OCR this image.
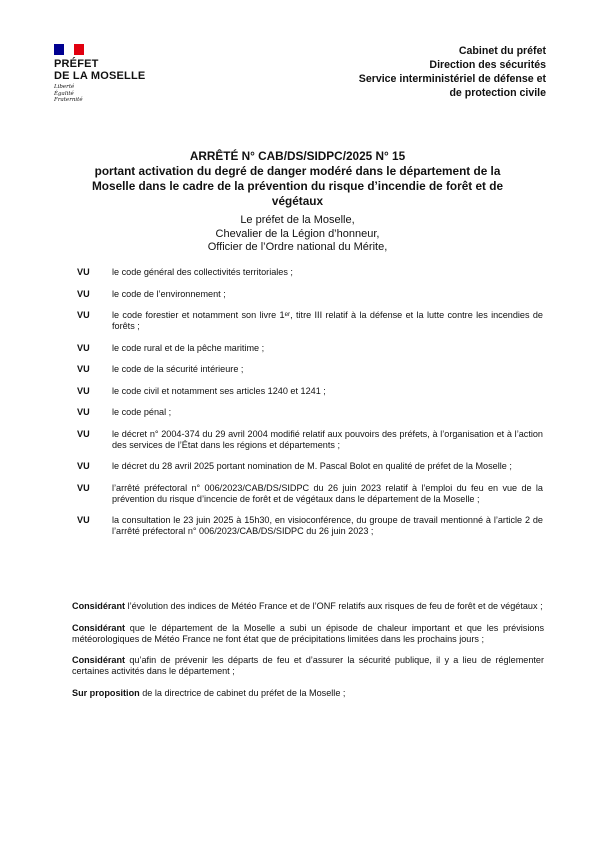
PRÉFET
DE LA MOSELLE
Liberté
Égalité
Fraternité
Cabinet du préfet
Direction des sécurités
Service interministériel de défense et
de protection civile
ARRÊTÉ N° CAB/DS/SIDPC/2025 N° 15
portant activation du degré de danger modéré dans le département de la
Moselle dans le cadre de la prévention du risque d’incendie de forêt et de
végétaux
Le préfet de la Moselle,
Chevalier de la Légion d’honneur,
Officier de l’Ordre national du Mérite,
VU	le code général des collectivités territoriales ;
VU	le code de l’environnement ;
VU	le code forestier et notamment son livre 1ᵉʳ, titre III relatif à la défense et la lutte contre les incendies de forêts ;
VU	le code rural et de la pêche maritime ;
VU	le code de la sécurité intérieure ;
VU	le code civil et notamment ses articles 1240 et 1241 ;
VU	le code pénal ;
VU	le décret n° 2004-374 du 29 avril 2004 modifié relatif aux pouvoirs des préfets, à l’organisation et à l’action des services de l’État dans les régions et départements ;
VU	le décret du 28 avril 2025 portant nomination de M. Pascal Bolot en qualité de préfet de la Moselle ;
VU	l’arrêté préfectoral n° 006/2023/CAB/DS/SIDPC du 26 juin 2023 relatif à l’emploi du feu en vue de la prévention du risque d’incencie de forêt et de végétaux dans le département de la Moselle ;
VU	la consultation le 23 juin 2025 à 15h30, en visioconférence, du groupe de travail mentionné à l’article 2 de l’arrêté préfectoral n° 006/2023/CAB/DS/SIDPC du 26 juin 2023 ;
Considérant l’évolution des indices de Météo France et de l’ONF relatifs aux risques de feu de forêt et de végétaux ;
Considérant que le département de la Moselle a subi un épisode de chaleur important et que les prévisions météorologiques de Météo France ne font état que de précipitations limitées dans les prochains jours ;
Considérant qu’afin de prévenir les départs de feu et d’assurer la sécurité publique, il y a lieu de réglementer certaines activités dans le département ;
Sur proposition de la directrice de cabinet du préfet de la Moselle ;
